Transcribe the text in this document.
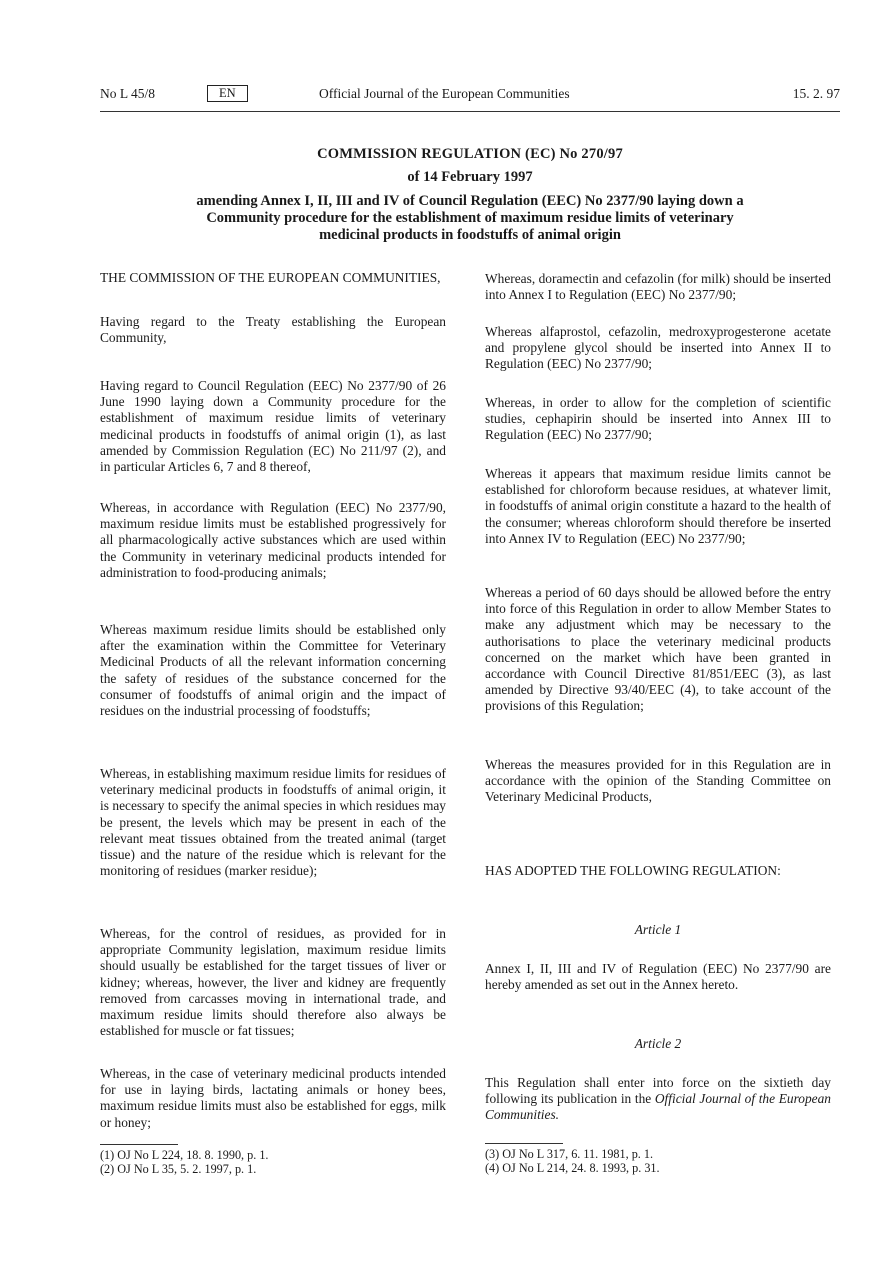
No L 45/8	EN	Official Journal of the European Communities	15. 2. 97
COMMISSION REGULATION (EC) No 270/97
of 14 February 1997
amending Annex I, II, III and IV of Council Regulation (EEC) No 2377/90 laying down a Community procedure for the establishment of maximum residue limits of veterinary medicinal products in foodstuffs of animal origin

THE COMMISSION OF THE EUROPEAN COMMUNITIES,

Having regard to the Treaty establishing the European Community,

Having regard to Council Regulation (EEC) No 2377/90 of 26 June 1990 laying down a Community procedure for the establishment of maximum residue limits of veterinary medicinal products in foodstuffs of animal origin (1), as last amended by Commission Regulation (EC) No 211/97 (2), and in particular Articles 6, 7 and 8 thereof,

Whereas, in accordance with Regulation (EEC) No 2377/90, maximum residue limits must be established progressively for all pharmacologically active substances which are used within the Community in veterinary medicinal products intended for administration to food-producing animals;

Whereas maximum residue limits should be established only after the examination within the Committee for Veterinary Medicinal Products of all the relevant information concerning the safety of residues of the substance concerned for the consumer of foodstuffs of animal origin and the impact of residues on the industrial processing of foodstuffs;

Whereas, in establishing maximum residue limits for residues of veterinary medicinal products in foodstuffs of animal origin, it is necessary to specify the animal species in which residues may be present, the levels which may be present in each of the relevant meat tissues obtained from the treated animal (target tissue) and the nature of the residue which is relevant for the monitoring of residues (marker residue);

Whereas, for the control of residues, as provided for in appropriate Community legislation, maximum residue limits should usually be established for the target tissues of liver or kidney; whereas, however, the liver and kidney are frequently removed from carcasses moving in international trade, and maximum residue limits should therefore also always be established for muscle or fat tissues;

Whereas, in the case of veterinary medicinal products intended for use in laying birds, lactating animals or honey bees, maximum residue limits must also be established for eggs, milk or honey;

(1) OJ No L 224, 18. 8. 1990, p. 1.
(2) OJ No L 35, 5. 2. 1997, p. 1.

Whereas, doramectin and cefazolin (for milk) should be inserted into Annex I to Regulation (EEC) No 2377/90;

Whereas alfaprostol, cefazolin, medroxyprogesterone acetate and propylene glycol should be inserted into Annex II to Regulation (EEC) No 2377/90;

Whereas, in order to allow for the completion of scientific studies, cephapirin should be inserted into Annex III to Regulation (EEC) No 2377/90;

Whereas it appears that maximum residue limits cannot be established for chloroform because residues, at whatever limit, in foodstuffs of animal origin constitute a hazard to the health of the consumer; whereas chloroform should therefore be inserted into Annex IV to Regulation (EEC) No 2377/90;

Whereas a period of 60 days should be allowed before the entry into force of this Regulation in order to allow Member States to make any adjustment which may be necessary to the authorisations to place the veterinary medicinal products concerned on the market which have been granted in accordance with Council Directive 81/851/EEC (3), as last amended by Directive 93/40/EEC (4), to take account of the provisions of this Regulation;

Whereas the measures provided for in this Regulation are in accordance with the opinion of the Standing Committee on Veterinary Medicinal Products,

HAS ADOPTED THE FOLLOWING REGULATION:

Article 1

Annex I, II, III and IV of Regulation (EEC) No 2377/90 are hereby amended as set out in the Annex hereto.

Article 2

This Regulation shall enter into force on the sixtieth day following its publication in the Official Journal of the European Communities.

(3) OJ No L 317, 6. 11. 1981, p. 1.
(4) OJ No L 214, 24. 8. 1993, p. 31.
